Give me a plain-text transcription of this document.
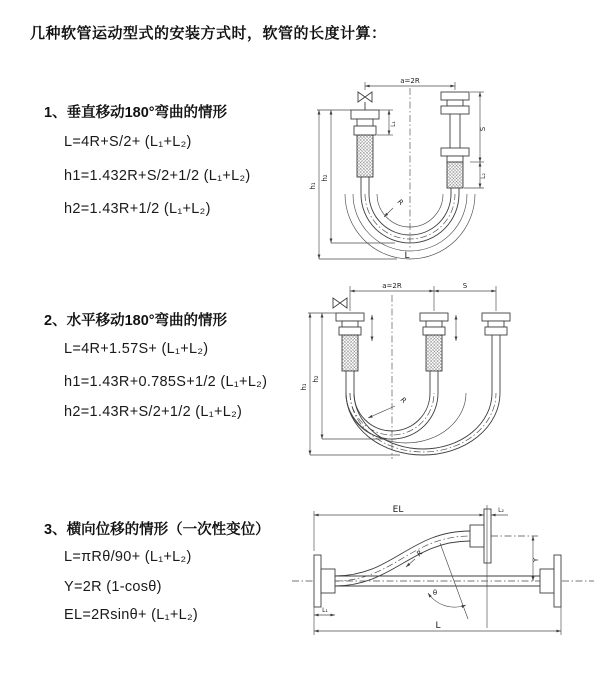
几种软管运动型式的安装方式时，软管的长度计算：
1、垂直移动180°弯曲的情形
L=4R+S/2+ (L₁+L₂)
h1=1.432R+S/2+1/2 (L₁+L₂)
h2=1.43R+1/2 (L₁+L₂)
a=2R
L₁
S
L₂
h₁
h₂
R
L
2、水平移动180°弯曲的情形
L=4R+1.57S+ (L₁+L₂)
h1=1.43R+0.785S+1/2 (L₁+L₂)
h2=1.43R+S/2+1/2 (L₁+L₂)
a=2R	S
h₁
h₂
R
3、横向位移的情形（一次性变位）
L=πRθ/90+ (L₁+L₂)
Y=2R (1-cosθ)
EL=2Rsinθ+ (L₁+L₂)
EL	L₂
Y
L
L₁
R
θ
